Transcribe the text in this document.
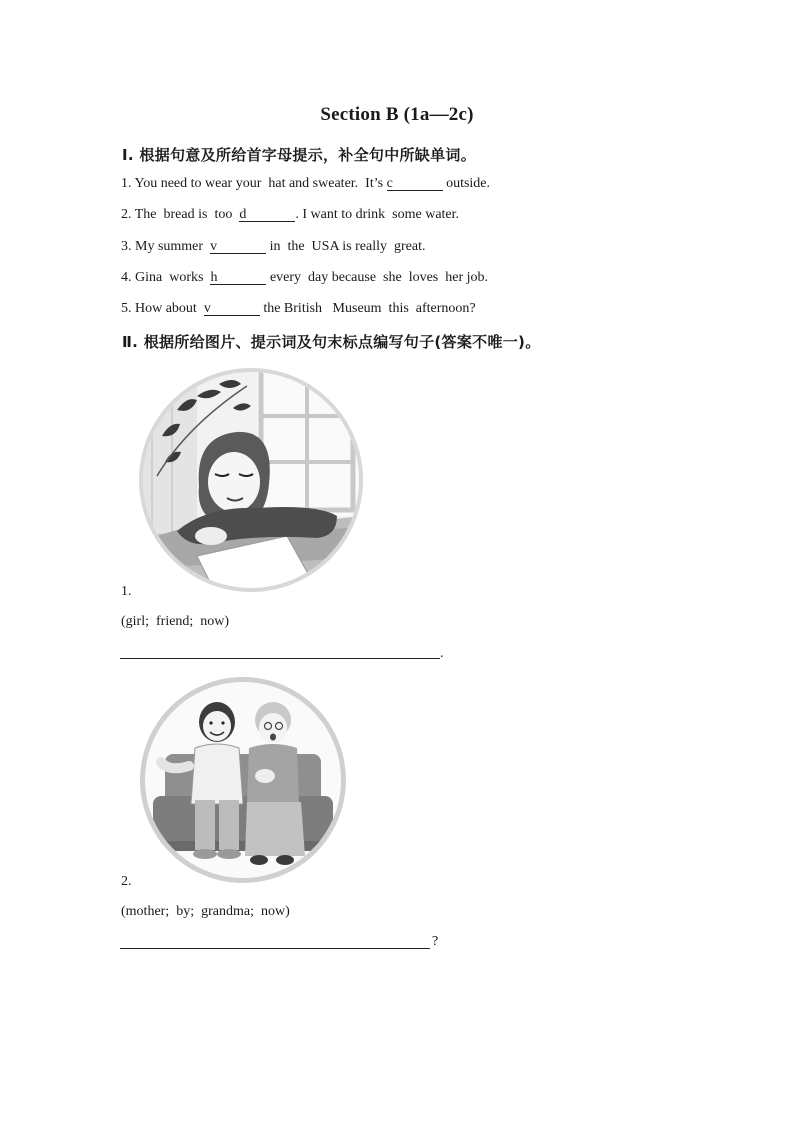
Section B (1a—2c)
Ⅰ. 根据句意及所给首字母提示，补全句中所缺单词。
1. You need to wear your  hat and sweater.  It’s c	outside.
2. The  bread is  too  d	. I want to drink  some water.
3. My summer  v	in  the  USA is really  great.
4. Gina  works  h	every  day because  she  loves  her job.
5. How about  v	the British   Museum  this  afternoon?
Ⅱ. 根据所给图片、提示词及句末标点编写句子(答案不唯一)。
1.
(girl;  friend;  now)
.
2.
(mother;  by;  grandma;  now)
?
